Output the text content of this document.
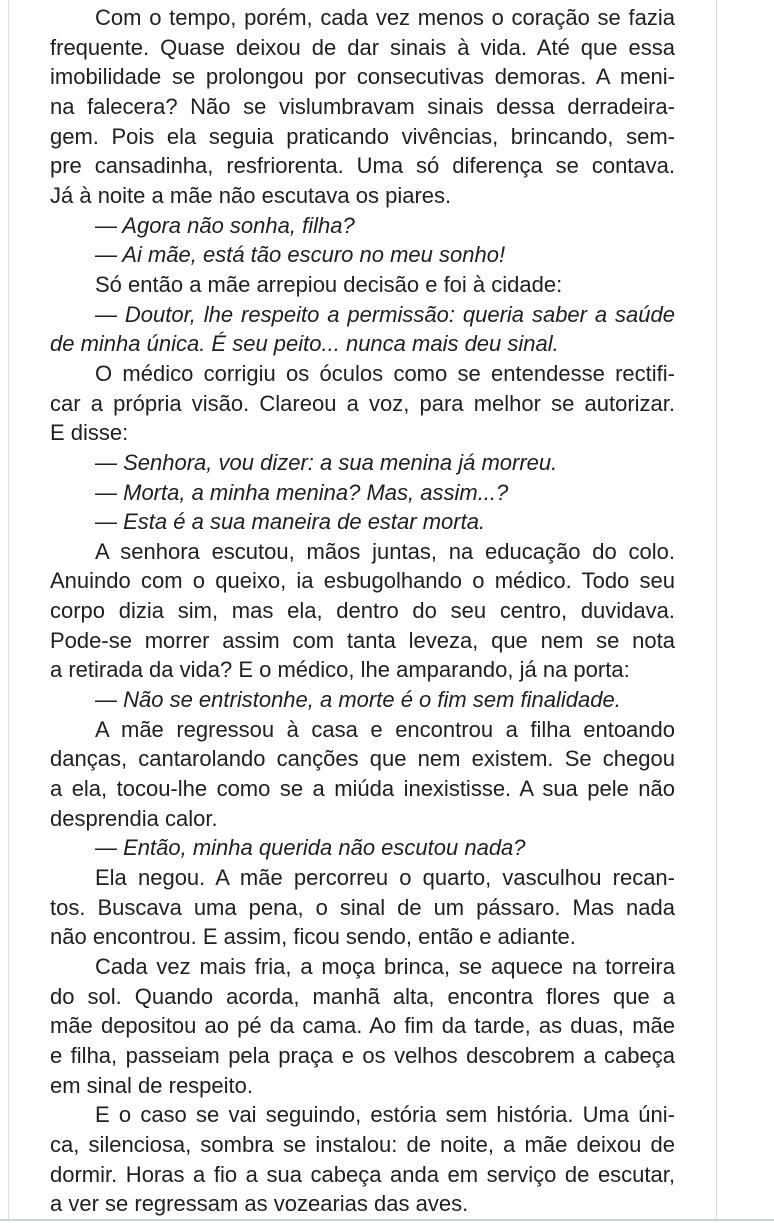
Com o tempo, porém, cada vez menos o coração se fazia
frequente. Quase deixou de dar sinais à vida. Até que essa
imobilidade se prolongou por consecutivas demoras. A meni-
na falecera? Não se vislumbravam sinais dessa derradeira-
gem. Pois ela seguia praticando vivências, brincando, sem-
pre cansadinha, resfriorenta. Uma só diferença se contava.
Já à noite a mãe não escutava os piares.

— Agora não sonha, filha?

— Ai mãe, está tão escuro no meu sonho!

Só então a mãe arrepiou decisão e foi à cidade:

— Doutor, lhe respeito a permissão: queria saber a saúde
de minha única. É seu peito... nunca mais deu sinal.

O médico corrigiu os óculos como se entendesse rectifi-
car a própria visão. Clareou a voz, para melhor se autorizar.
E disse:

— Senhora, vou dizer: a sua menina já morreu.

— Morta, a minha menina? Mas, assim...?

— Esta é a sua maneira de estar morta.

A senhora escutou, mãos juntas, na educação do colo.
Anuindo com o queixo, ia esbugolhando o médico. Todo seu
corpo dizia sim, mas ela, dentro do seu centro, duvidava.
Pode-se morrer assim com tanta leveza, que nem se nota
a retirada da vida? E o médico, lhe amparando, já na porta:

— Não se entristonhe, a morte é o fim sem finalidade.

A mãe regressou à casa e encontrou a filha entoando
danças, cantarolando canções que nem existem. Se chegou
a ela, tocou-lhe como se a miúda inexistisse. A sua pele não
desprendia calor.

— Então, minha querida não escutou nada?

Ela negou. A mãe percorreu o quarto, vasculhou recan-
tos. Buscava uma pena, o sinal de um pássaro. Mas nada
não encontrou. E assim, ficou sendo, então e adiante.

Cada vez mais fria, a moça brinca, se aquece na torreira
do sol. Quando acorda, manhã alta, encontra flores que a
mãe depositou ao pé da cama. Ao fim da tarde, as duas, mãe
e filha, passeiam pela praça e os velhos descobrem a cabeça
em sinal de respeito.

E o caso se vai seguindo, estória sem história. Uma úni-
ca, silenciosa, sombra se instalou: de noite, a mãe deixou de
dormir. Horas a fio a sua cabeça anda em serviço de escutar,
a ver se regressam as vozearias das aves.
